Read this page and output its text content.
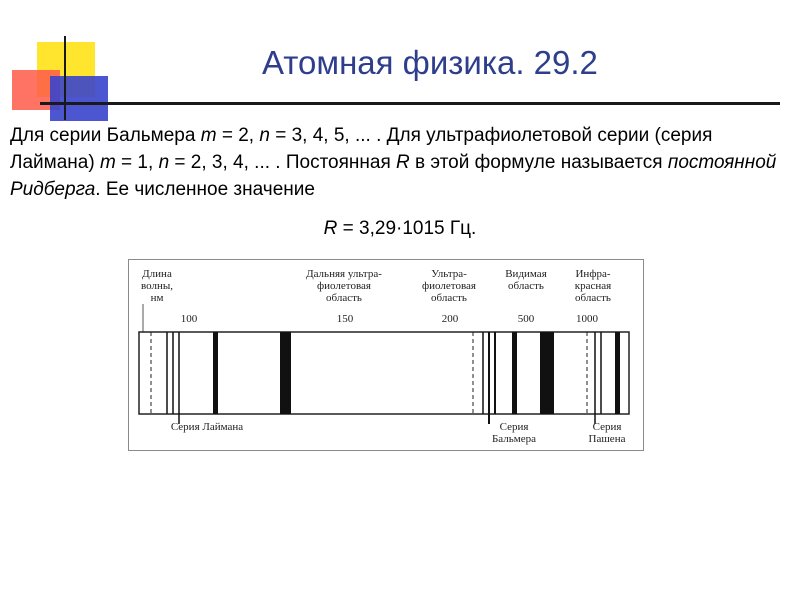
Атомная физика. 29.2

Для серии Бальмера m = 2, n = 3, 4, 5, ... . Для ультрафиолетовой серии (серия Лаймана) m = 1, n = 2, 3, 4, ... . Постоянная R в этой формуле называется постоянной Ридберга. Ее численное значение

R = 3,29·1015 Гц.
Длина
волны,
нм
Дальняя ультра-
фиолетовая
область
Ультра-
фиолетовая
область
Видимая
область
Инфра-
красная
область
100	150	200	500	1000
Серия Лаймана	Серия
Бальмера
Серия
Пашена
